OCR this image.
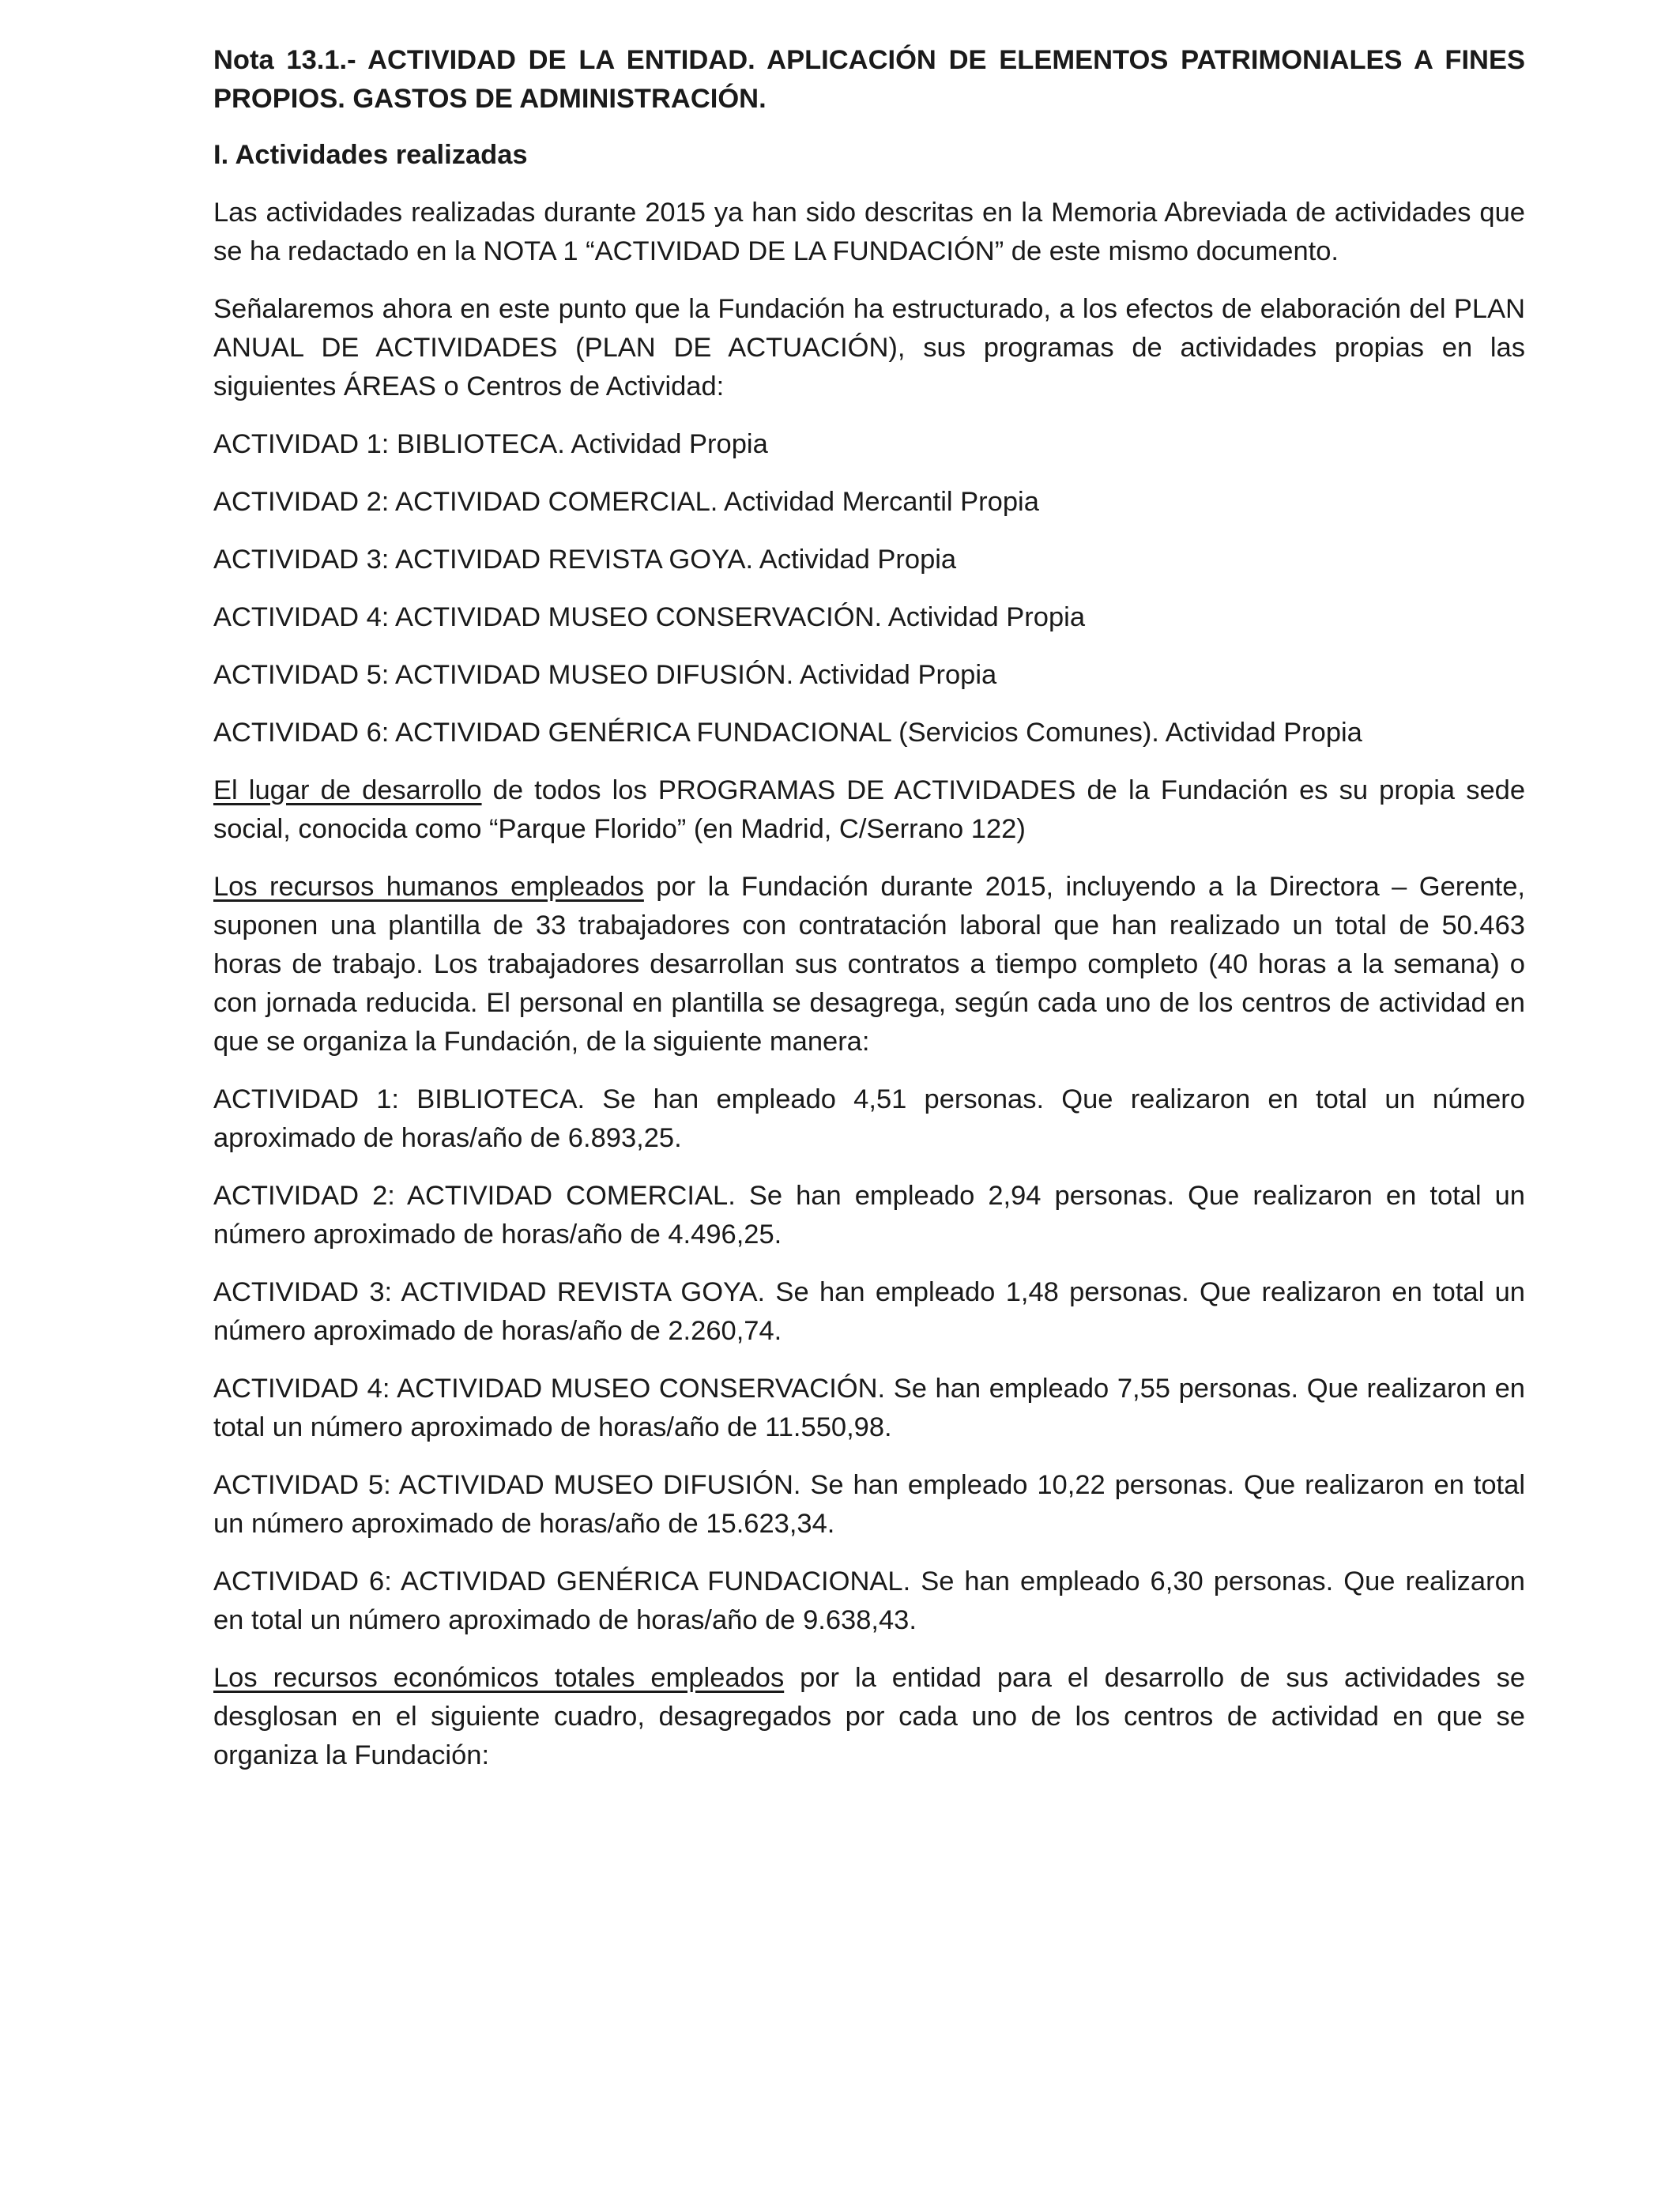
Nota 13.1.- ACTIVIDAD DE LA ENTIDAD. APLICACIÓN DE ELEMENTOS PATRIMONIALES A FINES PROPIOS. GASTOS DE ADMINISTRACIÓN.
I. Actividades realizadas
Las actividades realizadas durante 2015 ya han sido descritas en la Memoria Abreviada de actividades que se ha redactado en la NOTA 1 “ACTIVIDAD DE LA FUNDACIÓN” de este mismo documento.
Señalaremos ahora en este punto que la Fundación ha estructurado, a los efectos de elaboración del PLAN ANUAL DE ACTIVIDADES (PLAN DE ACTUACIÓN), sus programas de actividades propias en las siguientes ÁREAS o Centros de Actividad:
ACTIVIDAD 1: BIBLIOTECA. Actividad Propia
ACTIVIDAD 2: ACTIVIDAD COMERCIAL. Actividad Mercantil Propia
ACTIVIDAD 3: ACTIVIDAD REVISTA GOYA. Actividad Propia
ACTIVIDAD 4: ACTIVIDAD MUSEO CONSERVACIÓN. Actividad Propia
ACTIVIDAD 5: ACTIVIDAD MUSEO DIFUSIÓN. Actividad Propia
ACTIVIDAD 6: ACTIVIDAD GENÉRICA FUNDACIONAL (Servicios Comunes). Actividad Propia
El lugar de desarrollo de todos los PROGRAMAS DE ACTIVIDADES de la Fundación es su propia sede social, conocida como “Parque Florido” (en Madrid, C/Serrano 122)
Los recursos humanos empleados por la Fundación durante 2015, incluyendo a la Directora – Gerente, suponen una plantilla de 33 trabajadores con contratación laboral que han realizado un total de 50.463 horas de trabajo. Los trabajadores desarrollan sus contratos a tiempo completo (40 horas a la semana) o con jornada reducida. El personal en plantilla se desagrega, según cada uno de los centros de actividad en que se organiza la Fundación, de la siguiente manera:
ACTIVIDAD 1: BIBLIOTECA. Se han empleado 4,51 personas. Que realizaron en total un número aproximado de horas/año de 6.893,25.
ACTIVIDAD 2: ACTIVIDAD COMERCIAL. Se han empleado 2,94 personas. Que realizaron en total un número aproximado de horas/año de 4.496,25.
ACTIVIDAD 3: ACTIVIDAD REVISTA GOYA. Se han empleado 1,48 personas. Que realizaron en total un número aproximado de horas/año de 2.260,74.
ACTIVIDAD 4: ACTIVIDAD MUSEO CONSERVACIÓN. Se han empleado 7,55 personas. Que realizaron en total un número aproximado de horas/año de 11.550,98.
ACTIVIDAD 5: ACTIVIDAD MUSEO DIFUSIÓN. Se han empleado 10,22 personas. Que realizaron en total un número aproximado de horas/año de 15.623,34.
ACTIVIDAD 6: ACTIVIDAD GENÉRICA FUNDACIONAL. Se han empleado 6,30 personas. Que realizaron en total un número aproximado de horas/año de 9.638,43.
Los recursos económicos totales empleados por la entidad para el desarrollo de sus actividades se desglosan en el siguiente cuadro, desagregados por cada uno de los centros de actividad en que se organiza la Fundación:
